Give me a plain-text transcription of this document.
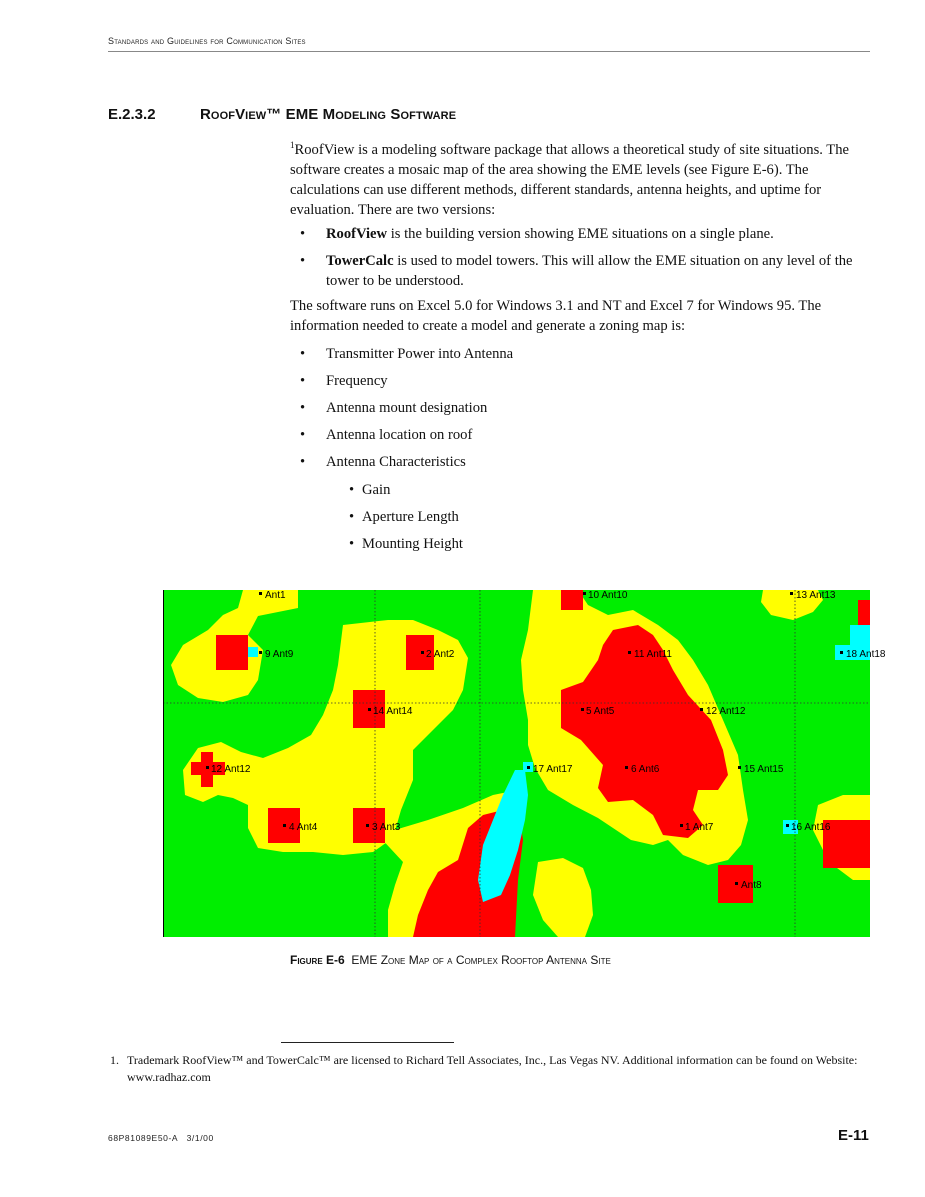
Standards and Guidelines for Communication Sites
E.2.3.2	RoofView™ EME Modeling Software
$^1$RoofView is a modeling software package that allows a theoretical study of site situations. The software creates a mosaic map of the area showing the EME levels (see Figure E-6). The calculations can use different methods, different standards, antenna heights, and uptime for evaluation. There are two versions:
• RoofView is the building version showing EME situations on a single plane.
• TowerCalc is used to model towers. This will allow the EME situation on any level of the tower to be understood.
The software runs on Excel 5.0 for Windows 3.1 and NT and Excel 7 for Windows 95. The information needed to create a model and generate a zoning map is:
• Transmitter Power into Antenna
• Frequency
• Antenna mount designation
• Antenna location on roof
• Antenna Characteristics
• Gain
• Aperture Length
• Mounting Height
Ant1
9 Ant9	2 Ant2
10 Ant10	13 Ant13
18 Ant18
11 Ant11
14 Ant14	5 Ant5	12 Ant12
17 Ant17	6 Ant6	15 Ant15
12 Ant12
4 Ant4	3 Ant3	1 Ant7	16 Ant16
Ant8
Figure E-6 EME Zone Map of a Complex Rooftop Antenna Site
1. Trademark RoofView™ and TowerCalc™ are licensed to Richard Tell Associates, Inc., Las Vegas NV. Additional information can be found on Website: www.radhaz.com
68P81089E50-A   3/1/00	E-11
